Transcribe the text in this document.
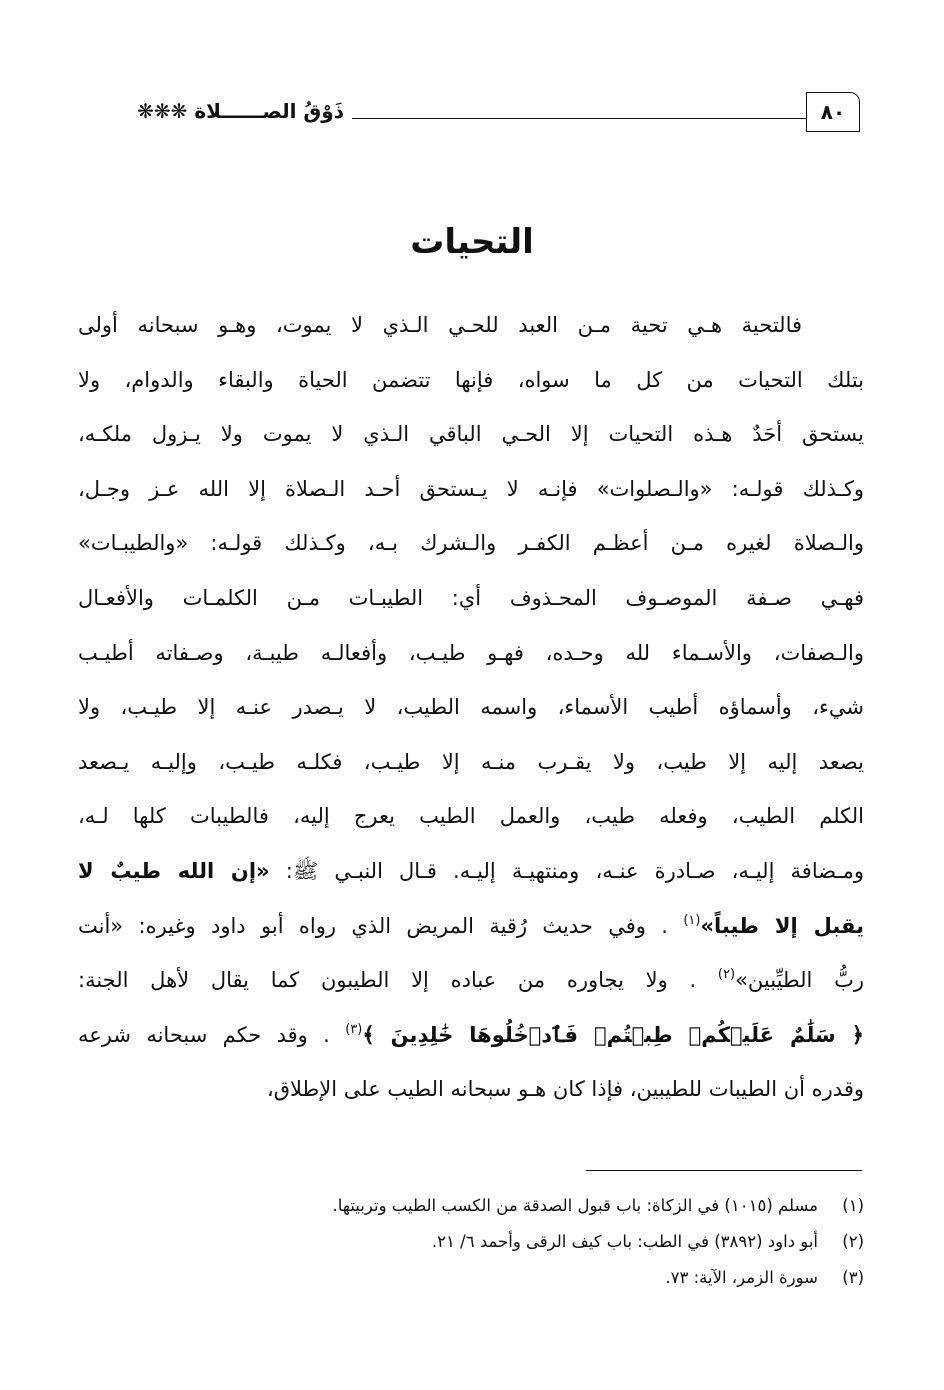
ذَوْقُ الصــــــلاة ❋❋❋	٨٠
التحيات
فالتحية هـي تحية مـن العبد للحـي الـذي لا يموت، وهـو سبحانه أولى
بتلك التحيات من كل ما سواه، فإنها تتضمن الحياة والبقاء والدوام، ولا
يستحق أحَدٌ هـذه التحيات إلا الحـي الباقي الـذي لا يموت ولا يـزول ملكـه،
وكـذلك قولـه: «والـصلوات» فإنـه لا يـستحق أحـد الـصلاة إلا الله عـز وجـل،
والـصلاة لغيره مـن أعظـم الكفـر والـشرك بـه، وكـذلك قولـه: «والطيبـات»
فهـي صـفة الموصـوف المحـذوف أي: الطيبـات مـن الكلمـات والأفعـال
والـصفات، والأسـماء لله وحـده، فهـو طيـب، وأفعالـه طيبـة، وصـفاته أطيـب
شيء، وأسماؤه أطيب الأسماء، واسمه الطيب، لا يـصدر عنـه إلا طيـب، ولا
يصعد إليه إلا طيب، ولا يقـرب منـه إلا طيـب، فكلـه طيـب، وإليـه يـصعد
الكلم الطيب، وفعله طيب، والعمل الطيب يعرج إليه، فالطيبات كلها لـه،
ومـضافة إليـه، صـادرة عنـه، ومنتهيـة إليـه. قـال النبـي ﷺ: «إن الله طيبٌ لا
يقبل إلا طيباً»$^{(١)}$ . وفي حديث رُقية المريض الذي رواه أبو داود وغيره: «أنت
ربُّ الطيِّبين»$^{(٢)}$ . ولا يجاوره من عباده إلا الطيبون كما يقال لأهل الجنة:
﴿ سَلَٰمٌ عَلَيۡكُمۡ طِبۡتُمۡ فَٱدۡخُلُوهَا خَٰلِدِينَ ﴾$^{(٣)}$ . وقد حكم سبحانه شرعه
وقدره أن الطيبات للطيبين، فإذا كان هـو سبحانه الطيب على الإطلاق،
(١)مسلم (١٠١٥) في الزكاة: باب قبول الصدقة من الكسب الطيب وتربيتها.
(٢)أبو داود (٣٨٩٢) في الطب: باب كيف الرقى وأحمد ٦/ ٢١.
(٣)سورة الزمر، الآية: ٧٣.
